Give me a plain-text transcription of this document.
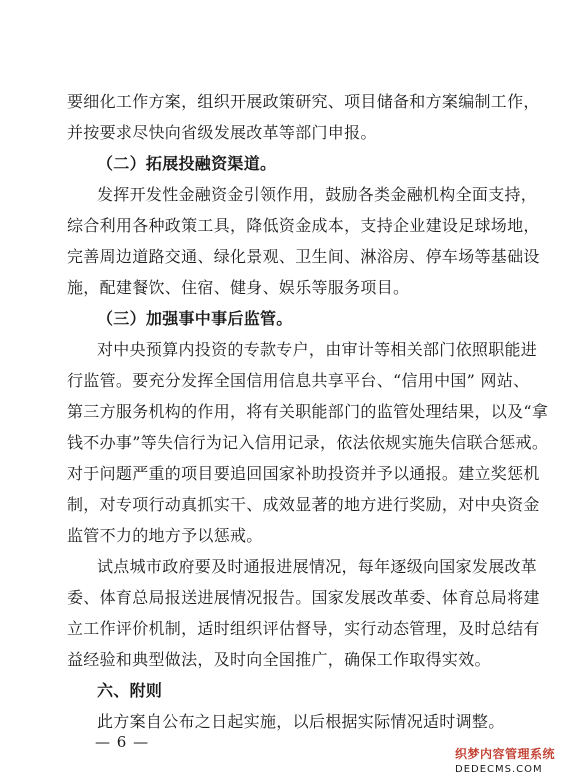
要细化工作方案，组织开展政策研究、项目储备和方案编制工作，
并按要求尽快向省级发展改革等部门申报。
（二）拓展投融资渠道。
发挥开发性金融资金引领作用，鼓励各类金融机构全面支持，
综合利用各种政策工具，降低资金成本，支持企业建设足球场地，
完善周边道路交通、绿化景观、卫生间、淋浴房、停车场等基础设
施，配建餐饮、住宿、健身、娱乐等服务项目。
（三）加强事中事后监管。
对中央预算内投资的专款专户，由审计等相关部门依照职能进
行监管。要充分发挥全国信用信息共享平台、“信用中国” 网站、
第三方服务机构的作用，将有关职能部门的监管处理结果，以及“拿
钱不办事”等失信行为记入信用记录，依法依规实施失信联合惩戒。
对于问题严重的项目要追回国家补助投资并予以通报。建立奖惩机
制，对专项行动真抓实干、成效显著的地方进行奖励，对中央资金
监管不力的地方予以惩戒。
试点城市政府要及时通报进展情况，每年逐级向国家发展改革
委、体育总局报送进展情况报告。国家发展改革委、体育总局将建
立工作评价机制，适时组织评估督导，实行动态管理，及时总结有
益经验和典型做法，及时向全国推广，确保工作取得实效。
六、附则
此方案自公布之日起实施，以后根据实际情况适时调整。
— 6 —
织梦内容管理系统
DEDECMS.COM
